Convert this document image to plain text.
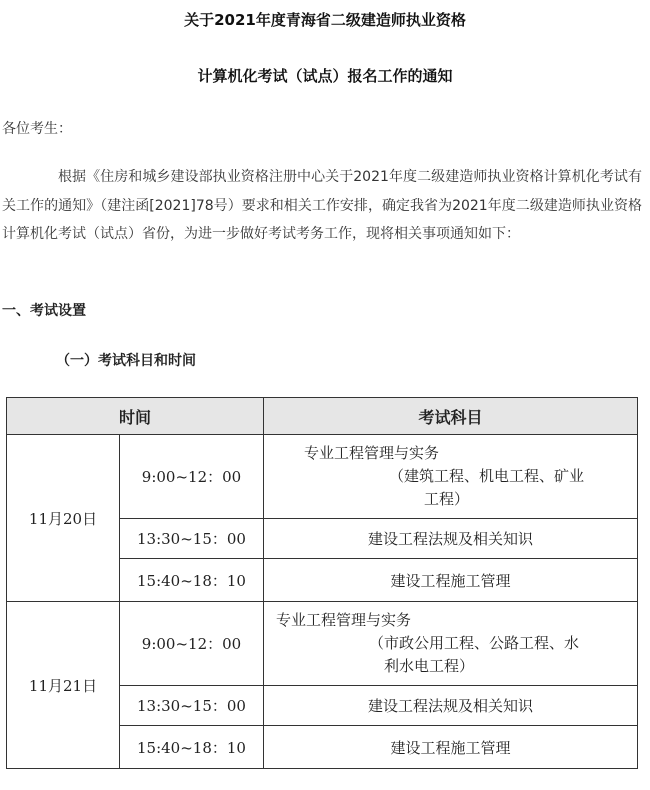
关于2021年度青海省二级建造师执业资格
计算机化考试（试点）报名工作的通知
各位考生：

根据《住房和城乡建设部执业资格注册中心关于2021年度二级建造师执业资格计算机化考试有关工作的通知》（建注函[2021]78号）要求和相关工作安排，确定我省为2021年度二级建造师执业资格计算机化考试（试点）省份，为进一步做好考试考务工作，现将相关事项通知如下：

一、考试设置
（一）考试科目和时间
时间		考试科目
11月20日	9:00~12：00	专业工程管理与实务
（建筑工程、机电工程、矿业
工程）

	13:30~15：00	建设工程法规及相关知识
	15:40~18：10	建设工程施工管理
11月21日	9:00~12：00	专业工程管理与实务
（市政公用工程、公路工程、水
利水电工程）

	13:30~15：00	建设工程法规及相关知识
	15:40~18：10	建设工程施工管理
